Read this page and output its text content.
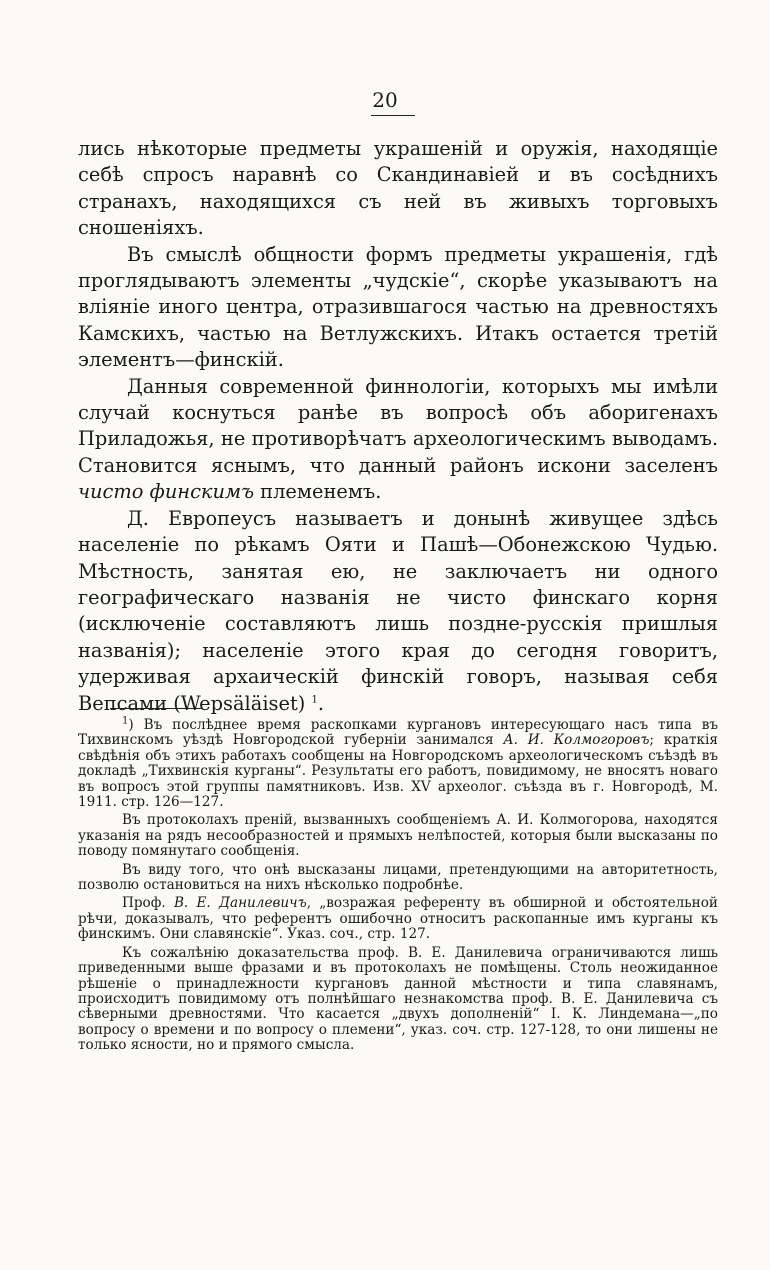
20

лись нѣкоторые предметы украшеній и оружія, находящіе себѣ спросъ наравнѣ со Скандинавіей и въ сосѣднихъ странахъ, находящихся съ ней въ живыхъ торговыхъ сношеніяхъ.

Въ смыслѣ общности формъ предметы украшенія, гдѣ проглядываютъ элементы „чудскіе“, скорѣе указываютъ на вліяніе иного центра, отразившагося частью на древностяхъ Камскихъ, частью на Ветлужскихъ. Итакъ остается третій элементъ—финскій.

Данныя современной финнологіи, которыхъ мы имѣли случай коснуться ранѣе въ вопросѣ объ аборигенахъ Приладожья, не противорѣчатъ археологическимъ выводамъ. Становится яснымъ, что данный районъ искони заселенъ чисто финскимъ племенемъ.

Д. Европеусъ называетъ и донынѣ живущее здѣсь населеніе по рѣкамъ Ояти и Пашѣ—Обонежскою Чудью. Мѣстность, занятая ею, не заключаетъ ни одного географическаго названія не чисто финскаго корня (исключеніе составляютъ лишь поздне-русскія пришлыя названія); населеніе этого края до сегодня говоритъ, удерживая архаическій финскій говоръ, называя себя Вепсами (Wepsäläiset) $^1$.

$^1$) Въ послѣднее время раскопками кургановъ интересующаго насъ типа въ Тихвинскомъ уѣздѣ Новгородской губерніи занимался А. И. Колмогоровъ; краткія свѣдѣнія объ этихъ работахъ сообщены на Новгородскомъ археологическомъ съѣздѣ въ докладѣ „Тихвинскія курганы“. Результаты его работъ, повидимому, не вносятъ новаго въ вопросъ этой группы памятниковъ. Изв. XV археолог. съѣзда въ г. Новгородѣ, М. 1911. стр. 126—127.

Въ протоколахъ преній, вызванныхъ сообщеніемъ А. И. Колмогорова, находятся указанія на рядъ несообразностей и прямыхъ нелѣпостей, которыя были высказаны по поводу помянутаго сообщенія.

Въ виду того, что онѣ высказаны лицами, претендующими на авторитетность, позволю остановиться на нихъ нѣсколько подробнѣе.

Проф. В. Е. Данилевичъ, „возражая референту въ обширной и обстоятельной рѣчи, доказывалъ, что референтъ ошибочно относитъ раскопанные имъ курганы къ финскимъ. Они славянскіе“. Указ. соч., стр. 127.

Къ сожалѣнію доказательства проф. В. Е. Данилевича ограничиваются лишь приведенными выше фразами и въ протоколахъ не помѣщены. Столь неожиданное рѣшеніе о принадлежности кургановъ данной мѣстности и типа славянамъ, происходитъ повидимому отъ полнѣйшаго незнакомства проф. В. Е. Данилевича съ сѣверными древностями. Что касается „двухъ дополненій“ І. К. Линдемана—„по вопросу о времени и по вопросу о племени“, указ. соч. стр. 127-128, то они лишены не только ясности, но и прямого смысла.
